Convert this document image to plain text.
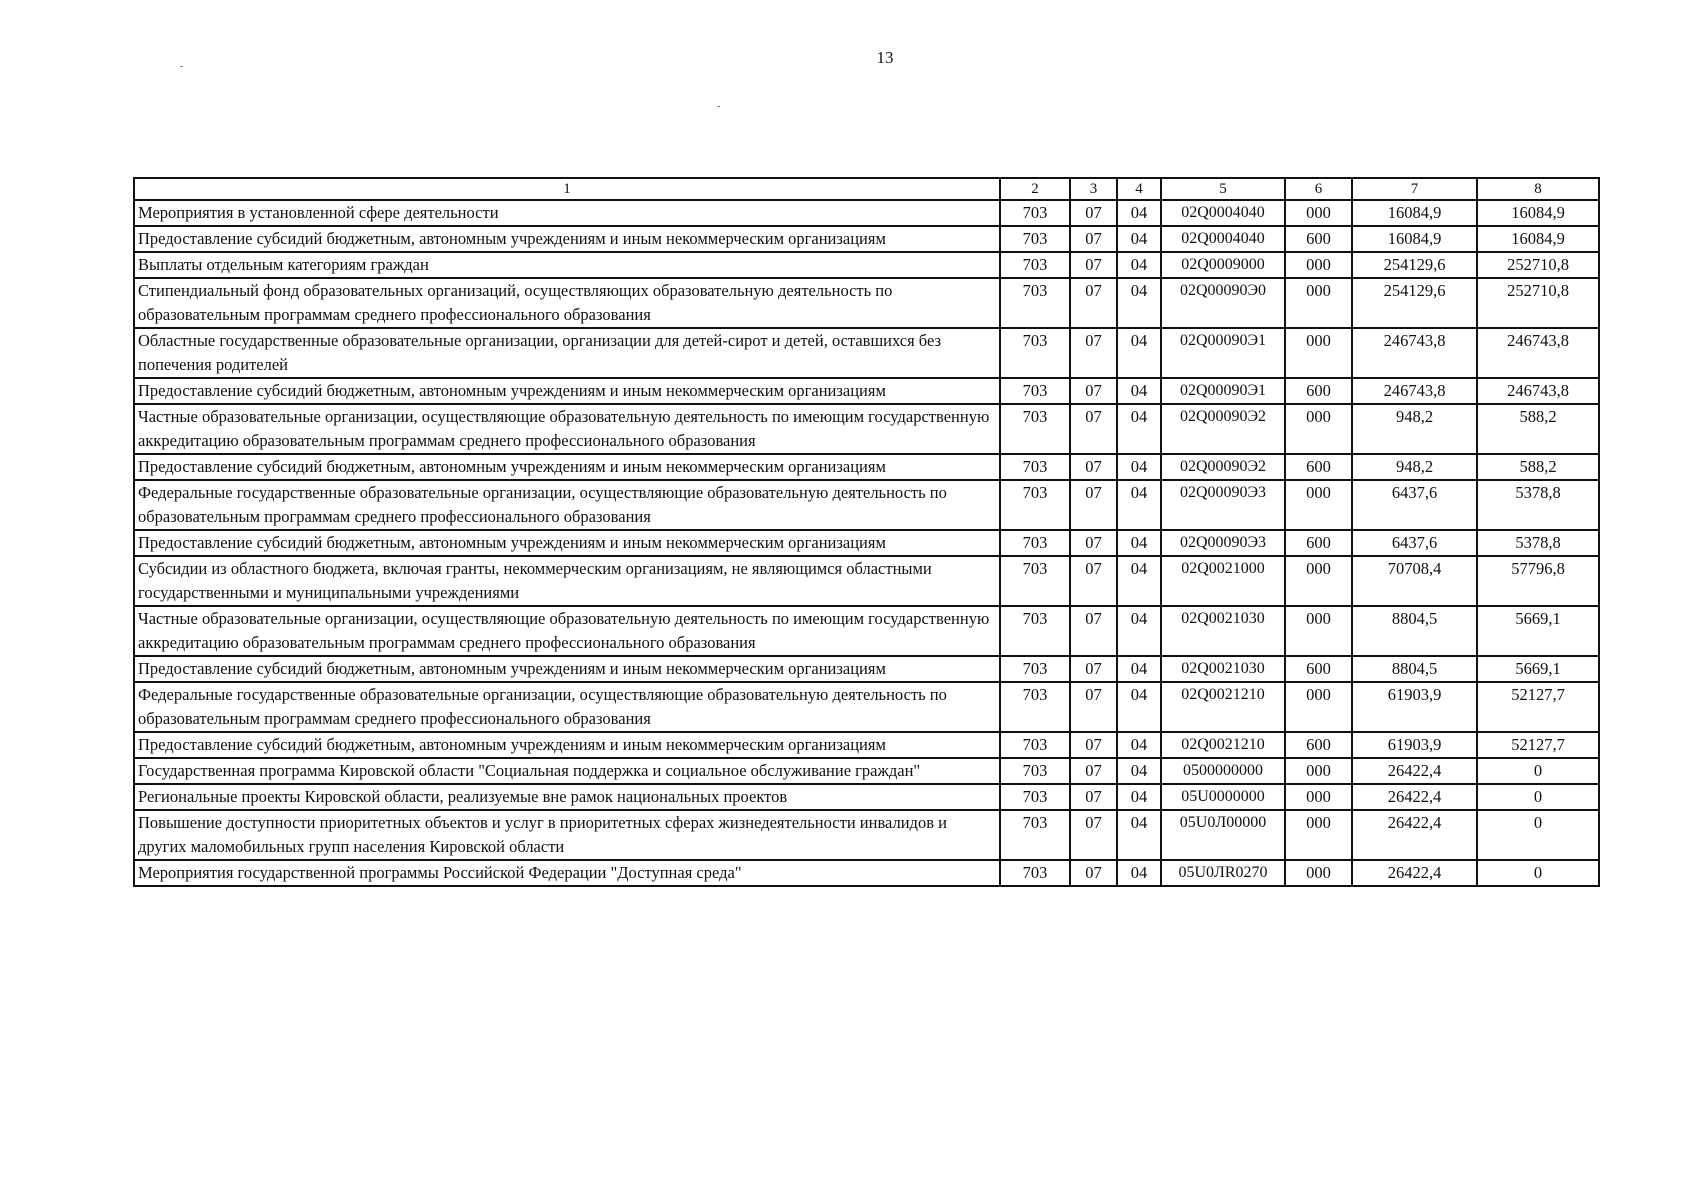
13
1	2	3	4	5	6	7	8
Мероприятия в установленной сфере деятельности	703	07	04	02Q0004040	000	16084,9	16084,9
Предоставление субсидий бюджетным, автономным учреждениям и иным некоммерческим организациям	703	07	04	02Q0004040	600	16084,9	16084,9
Выплаты отдельным категориям граждан	703	07	04	02Q0009000	000	254129,6	252710,8
Стипендиальный фонд образовательных организаций, осуществляющих образовательную деятельность по образовательным программам среднего профессионального образования	703	07	04	02Q00090Э0	000	254129,6	252710,8
Областные государственные образовательные организации, организации для детей-сирот и детей, оставшихся без попечения родителей	703	07	04	02Q00090Э1	000	246743,8	246743,8
Предоставление субсидий бюджетным, автономным учреждениям и иным некоммерческим организациям	703	07	04	02Q00090Э1	600	246743,8	246743,8
Частные образовательные организации, осуществляющие образовательную деятельность по имеющим государственную аккредитацию образовательным программам среднего профессионального образования	703	07	04	02Q00090Э2	000	948,2	588,2
Предоставление субсидий бюджетным, автономным учреждениям и иным некоммерческим организациям	703	07	04	02Q00090Э2	600	948,2	588,2
Федеральные государственные образовательные организации, осуществляющие образовательную деятельность по образовательным программам среднего профессионального образования	703	07	04	02Q00090Э3	000	6437,6	5378,8
Предоставление субсидий бюджетным, автономным учреждениям и иным некоммерческим организациям	703	07	04	02Q00090Э3	600	6437,6	5378,8
Субсидии из областного бюджета, включая гранты, некоммерческим организациям, не являющимся областными государственными и муниципальными учреждениями	703	07	04	02Q0021000	000	70708,4	57796,8
Частные образовательные организации, осуществляющие образовательную деятельность по имеющим государственную аккредитацию образовательным программам среднего профессионального образования	703	07	04	02Q0021030	000	8804,5	5669,1
Предоставление субсидий бюджетным, автономным учреждениям и иным некоммерческим организациям	703	07	04	02Q0021030	600	8804,5	5669,1
Федеральные государственные образовательные организации, осуществляющие образовательную деятельность по образовательным программам среднего профессионального образования	703	07	04	02Q0021210	000	61903,9	52127,7
Предоставление субсидий бюджетным, автономным учреждениям и иным некоммерческим организациям	703	07	04	02Q0021210	600	61903,9	52127,7
Государственная программа Кировской области "Социальная поддержка и социальное обслуживание граждан"	703	07	04	0500000000	000	26422,4	0
Региональные проекты Кировской области, реализуемые вне рамок национальных проектов	703	07	04	05U0000000	000	26422,4	0
Повышение доступности приоритетных объектов и услуг в приоритетных сферах жизнедеятельности инвалидов и других маломобильных групп населения Кировской области	703	07	04	05U0Л00000	000	26422,4	0
Мероприятия государственной программы Российской Федерации "Доступная среда"	703	07	04	05U0ЛR0270	000	26422,4	0
